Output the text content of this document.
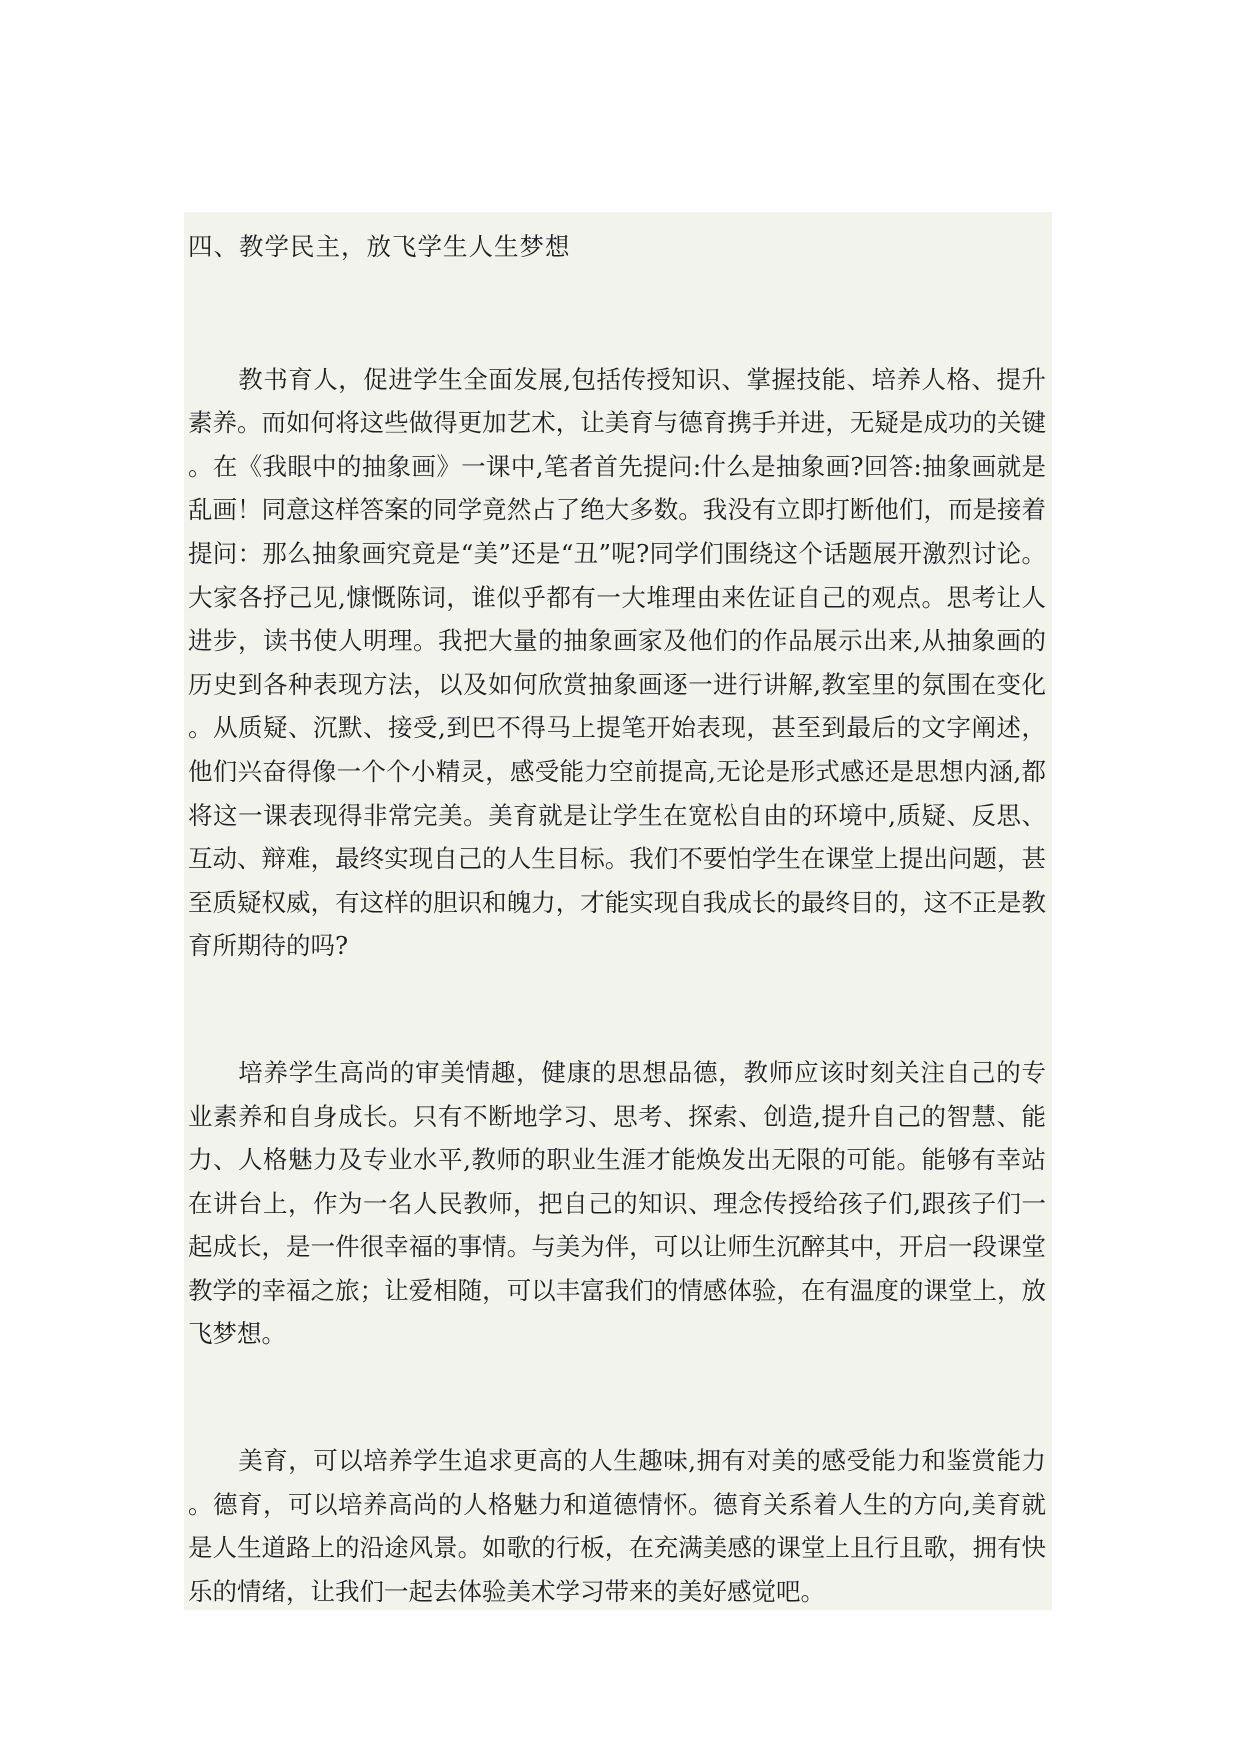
四、教学民主，放飞学生人生梦想

教书育人，促进学生全面发展,包括传授知识、掌握技能、培养人格、提升素养。而如何将这些做得更加艺术，让美育与德育携手并进，无疑是成功的关键。在《我眼中的抽象画》一课中,笔者首先提问:什么是抽象画?回答:抽象画就是乱画！同意这样答案的同学竟然占了绝大多数。我没有立即打断他们，而是接着提问：那么抽象画究竟是“美”还是“丑”呢?同学们围绕这个话题展开激烈讨论。大家各抒己见,慷慨陈词，谁似乎都有一大堆理由来佐证自己的观点。思考让人进步，读书使人明理。我把大量的抽象画家及他们的作品展示出来,从抽象画的历史到各种表现方法，以及如何欣赏抽象画逐一进行讲解,教室里的氛围在变化。从质疑、沉默、接受,到巴不得马上提笔开始表现，甚至到最后的文字阐述，他们兴奋得像一个个小精灵，感受能力空前提高,无论是形式感还是思想内涵,都将这一课表现得非常完美。美育就是让学生在宽松自由的环境中,质疑、反思、互动、辩难，最终实现自己的人生目标。我们不要怕学生在课堂上提出问题，甚至质疑权威，有这样的胆识和魄力，才能实现自我成长的最终目的，这不正是教育所期待的吗?

培养学生高尚的审美情趣，健康的思想品德，教师应该时刻关注自己的专业素养和自身成长。只有不断地学习、思考、探索、创造,提升自己的智慧、能力、人格魅力及专业水平,教师的职业生涯才能焕发出无限的可能。能够有幸站在讲台上，作为一名人民教师，把自己的知识、理念传授给孩子们,跟孩子们一起成长，是一件很幸福的事情。与美为伴，可以让师生沉醉其中，开启一段课堂教学的幸福之旅；让爱相随，可以丰富我们的情感体验，在有温度的课堂上，放飞梦想。

美育，可以培养学生追求更高的人生趣味,拥有对美的感受能力和鉴赏能力。德育，可以培养高尚的人格魅力和道德情怀。德育关系着人生的方向,美育就是人生道路上的沿途风景。如歌的行板，在充满美感的课堂上且行且歌，拥有快乐的情绪，让我们一起去体验美术学习带来的美好感觉吧。
